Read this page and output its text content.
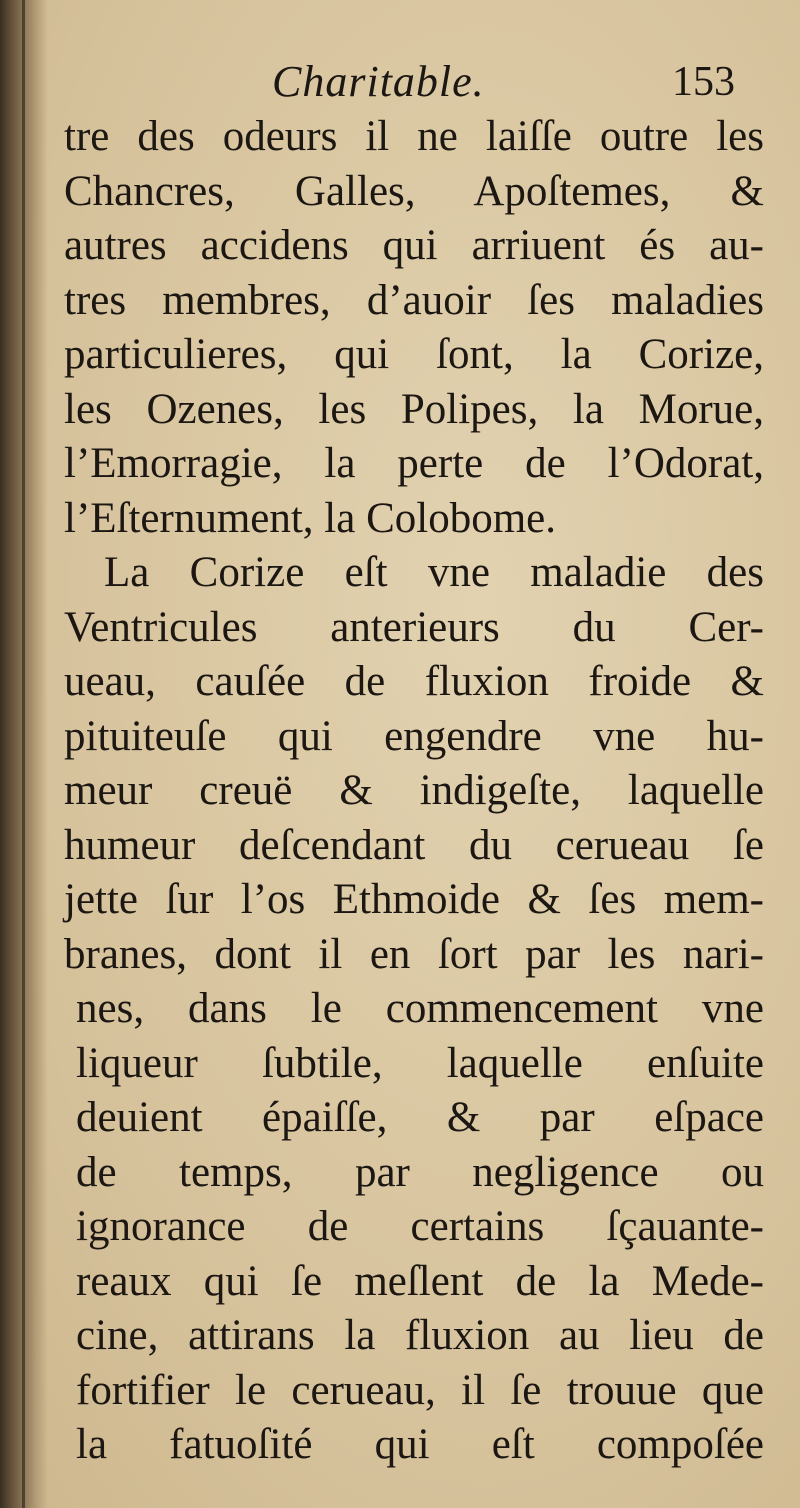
Charitable.	153
tre des odeurs il ne laiſſe outre les
Chancres, Galles, Apoſtemes, &
autres accidens qui arriuent és au-
tres membres, d’auoir ſes maladies
particulieres, qui ſont, la Corize,
les Ozenes, les Polipes, la Morue,
l’Emorragie, la perte de l’Odorat,
l’Eſternument, la Colobome.
La Corize eſt vne maladie des
Ventricules anterieurs du Cer-
ueau, cauſée de fluxion froide &
pituiteuſe qui engendre vne hu-
meur creuë & indigeſte, laquelle
humeur deſcendant du cerueau ſe
jette ſur l’os Ethmoide & ſes mem-
branes, dont il en ſort par les nari-
nes, dans le commencement vne
liqueur ſubtile, laquelle enſuite
deuient épaiſſe, & par eſpace
de temps, par negligence ou
ignorance de certains ſçauante-
reaux qui ſe meſlent de la Mede-
cine, attirans la fluxion au lieu de
fortifier le cerueau, il ſe trouue que
la fatuoſité qui eſt compoſée
